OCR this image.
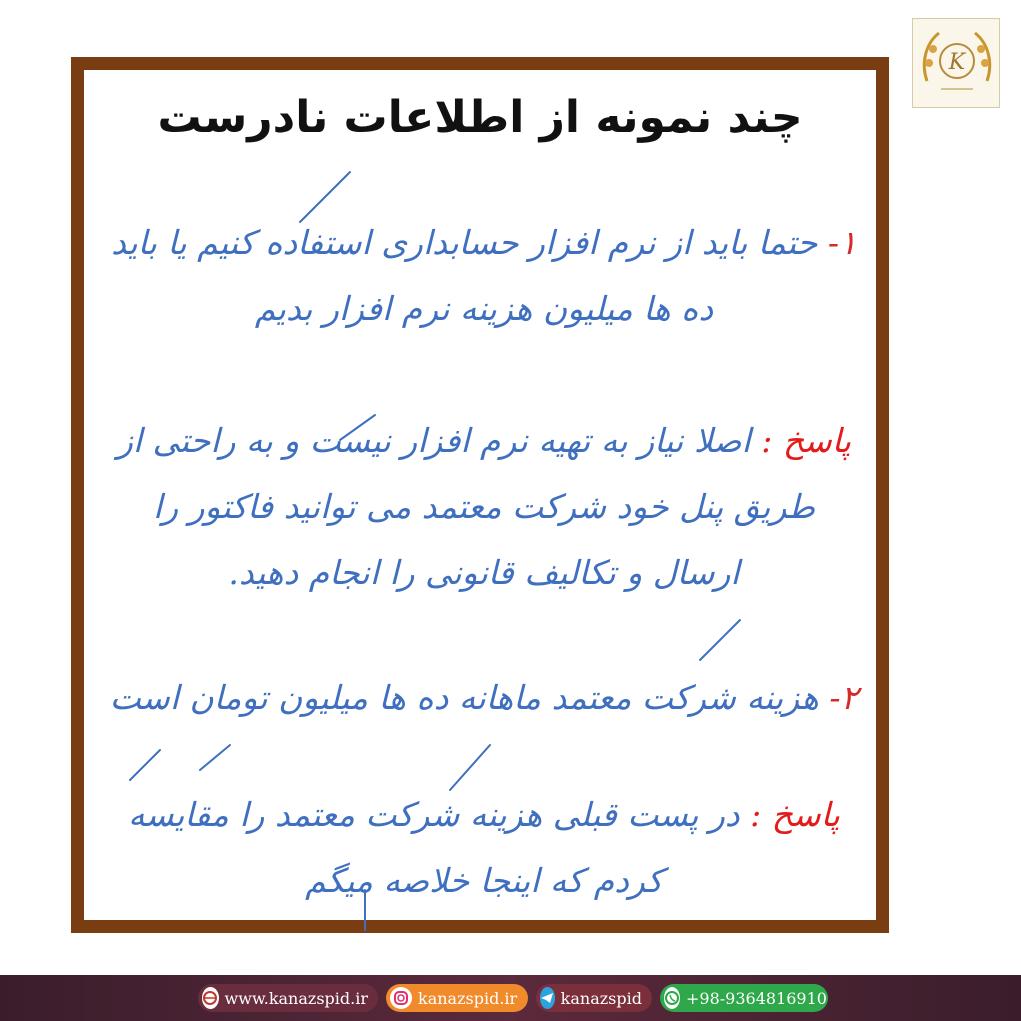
K
چند نمونه از اطلاعات نادرست

۱- حتما باید از نرم افزار حسابداری استفاده کنیم یا باید ده ها میلیون هزینه نرم افزار بدیم

پاسخ : اصلا نیاز به تهیه نرم افزار نیست و به راحتی از طریق پنل خود شرکت معتمد می توانید فاکتور را ارسال و تکالیف قانونی را انجام دهید.

۲- هزینه شرکت معتمد ماهانه ده ها میلیون تومان است

پاسخ : در پست قبلی هزینه شرکت معتمد را مقایسه کردم که اینجا خلاصه میگم

www.kanazspid.ir	kanazspid.ir	kanazspid	+98-9364816910
